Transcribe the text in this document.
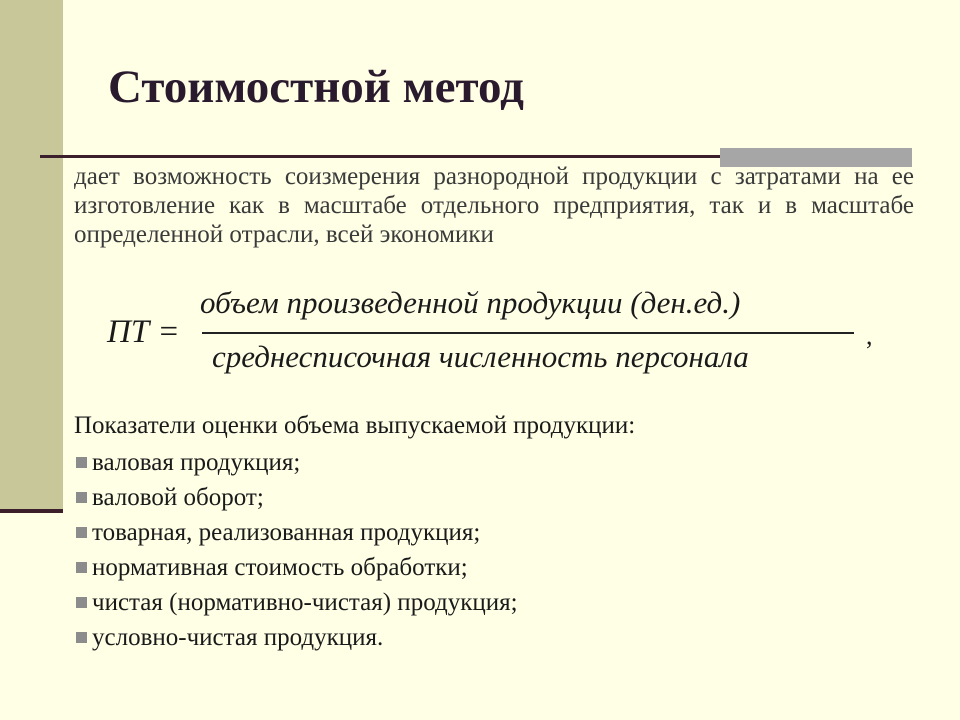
Стоимостной метод
дает возможность соизмерения разнородной продукции с затратами на ее изготовление как в масштабе отдельного предприятия, так и в масштабе определенной отрасли, всей экономики
ПТ =
объем произведенной продукции (ден.ед.)
среднесписочная численность персонала
,
Показатели оценки объема выпускаемой продукции:
валовая продукция;
валовой оборот;
товарная, реализованная продукция;
нормативная стоимость обработки;
чистая (нормативно-чистая) продукция;
условно-чистая продукция.
